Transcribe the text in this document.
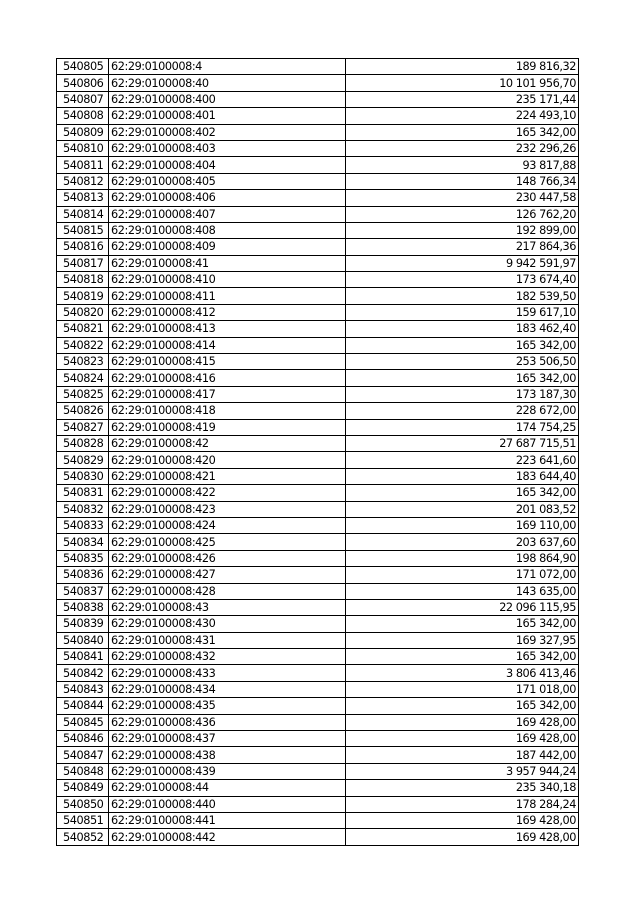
540805	62:29:0100008:4	189 816,32
540806	62:29:0100008:40	10 101 956,70
540807	62:29:0100008:400	235 171,44
540808	62:29:0100008:401	224 493,10
540809	62:29:0100008:402	165 342,00
540810	62:29:0100008:403	232 296,26
540811	62:29:0100008:404	93 817,88
540812	62:29:0100008:405	148 766,34
540813	62:29:0100008:406	230 447,58
540814	62:29:0100008:407	126 762,20
540815	62:29:0100008:408	192 899,00
540816	62:29:0100008:409	217 864,36
540817	62:29:0100008:41	9 942 591,97
540818	62:29:0100008:410	173 674,40
540819	62:29:0100008:411	182 539,50
540820	62:29:0100008:412	159 617,10
540821	62:29:0100008:413	183 462,40
540822	62:29:0100008:414	165 342,00
540823	62:29:0100008:415	253 506,50
540824	62:29:0100008:416	165 342,00
540825	62:29:0100008:417	173 187,30
540826	62:29:0100008:418	228 672,00
540827	62:29:0100008:419	174 754,25
540828	62:29:0100008:42	27 687 715,51
540829	62:29:0100008:420	223 641,60
540830	62:29:0100008:421	183 644,40
540831	62:29:0100008:422	165 342,00
540832	62:29:0100008:423	201 083,52
540833	62:29:0100008:424	169 110,00
540834	62:29:0100008:425	203 637,60
540835	62:29:0100008:426	198 864,90
540836	62:29:0100008:427	171 072,00
540837	62:29:0100008:428	143 635,00
540838	62:29:0100008:43	22 096 115,95
540839	62:29:0100008:430	165 342,00
540840	62:29:0100008:431	169 327,95
540841	62:29:0100008:432	165 342,00
540842	62:29:0100008:433	3 806 413,46
540843	62:29:0100008:434	171 018,00
540844	62:29:0100008:435	165 342,00
540845	62:29:0100008:436	169 428,00
540846	62:29:0100008:437	169 428,00
540847	62:29:0100008:438	187 442,00
540848	62:29:0100008:439	3 957 944,24
540849	62:29:0100008:44	235 340,18
540850	62:29:0100008:440	178 284,24
540851	62:29:0100008:441	169 428,00
540852	62:29:0100008:442	169 428,00
